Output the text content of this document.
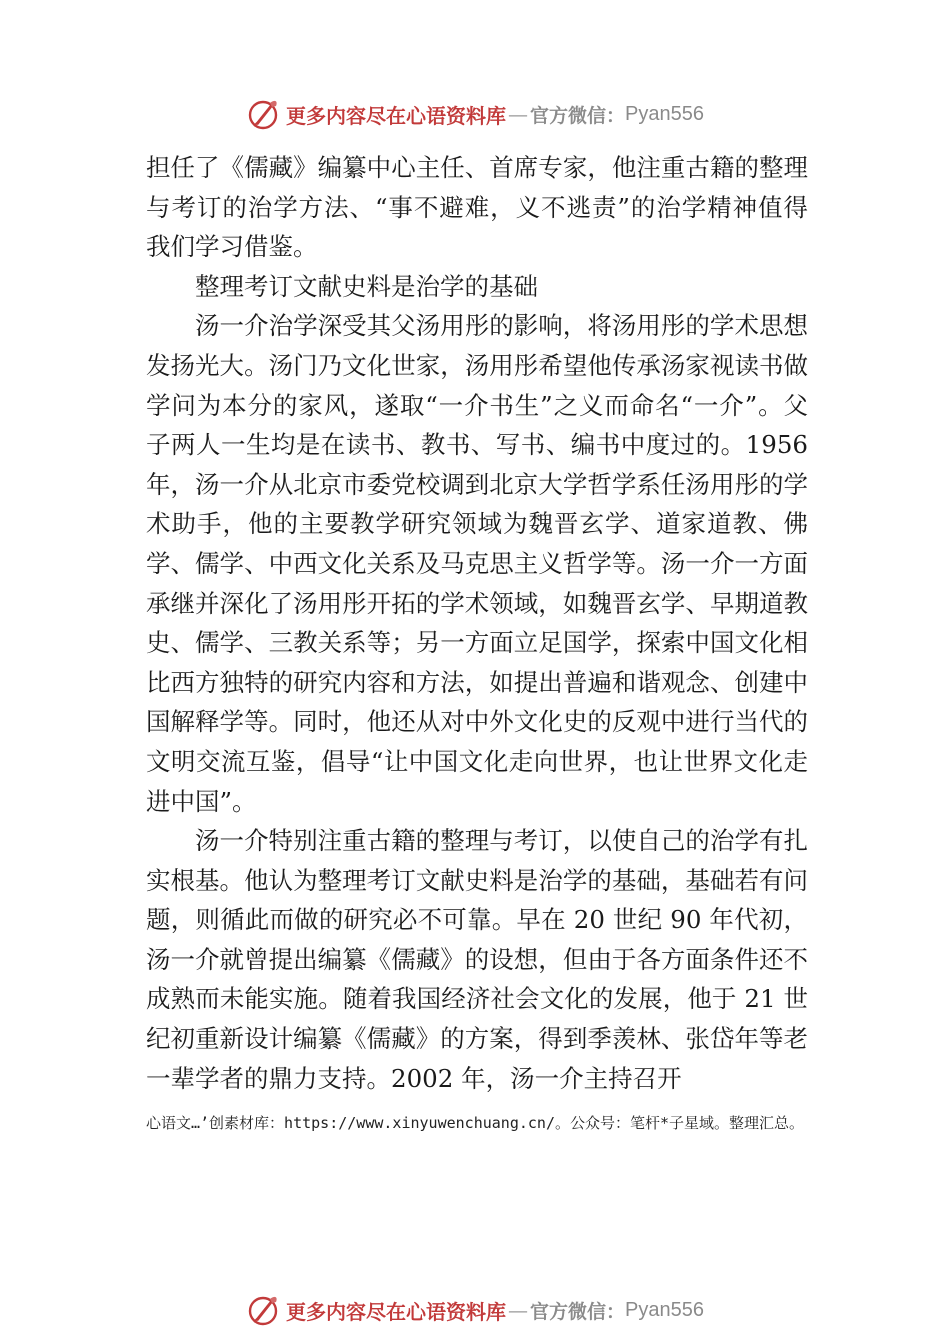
更多内容尽在心语资料库 — 官方微信： Pyan556

担任了《儒藏》编纂中心主任、首席专家，他注重古籍的整理与考订的治学方法、“事不避难，义不逃责”的治学精神值得我们学习借鉴。

整理考订文献史料是治学的基础

汤一介治学深受其父汤用彤的影响，将汤用彤的学术思想发扬光大。汤门乃文化世家，汤用彤希望他传承汤家视读书做学问为本分的家风，遂取“一介书生”之义而命名“一介”。父子两人一生均是在读书、教书、写书、编书中度过的。1956 年，汤一介从北京市委党校调到北京大学哲学系任汤用彤的学术助手，他的主要教学研究领域为魏晋玄学、道家道教、佛学、儒学、中西文化关系及马克思主义哲学等。汤一介一方面承继并深化了汤用彤开拓的学术领域，如魏晋玄学、早期道教史、儒学、三教关系等；另一方面立足国学，探索中国文化相比西方独特的研究内容和方法，如提出普遍和谐观念、创建中国解释学等。同时，他还从对中外文化史的反观中进行当代的文明交流互鉴，倡导“让中国文化走向世界，也让世界文化走进中国”。

汤一介特别注重古籍的整理与考订，以使自己的治学有扎实根基。他认为整理考订文献史料是治学的基础，基础若有问题，则循此而做的研究必不可靠。早在 20 世纪 90 年代初，汤一介就曾提出编纂《儒藏》的设想，但由于各方面条件还不成熟而未能实施。随着我国经济社会文化的发展，他于 21 世纪初重新设计编纂《儒藏》的方案，得到季羡林、张岱年等老一辈学者的鼎力支持。2002 年，汤一介主持召开

心语文…’创素材库：https://www.xinyuwenchuang.cn/。公众号：笔杆*子星域。整理汇总。
更多内容尽在心语资料库 — 官方微信： Pyan556
